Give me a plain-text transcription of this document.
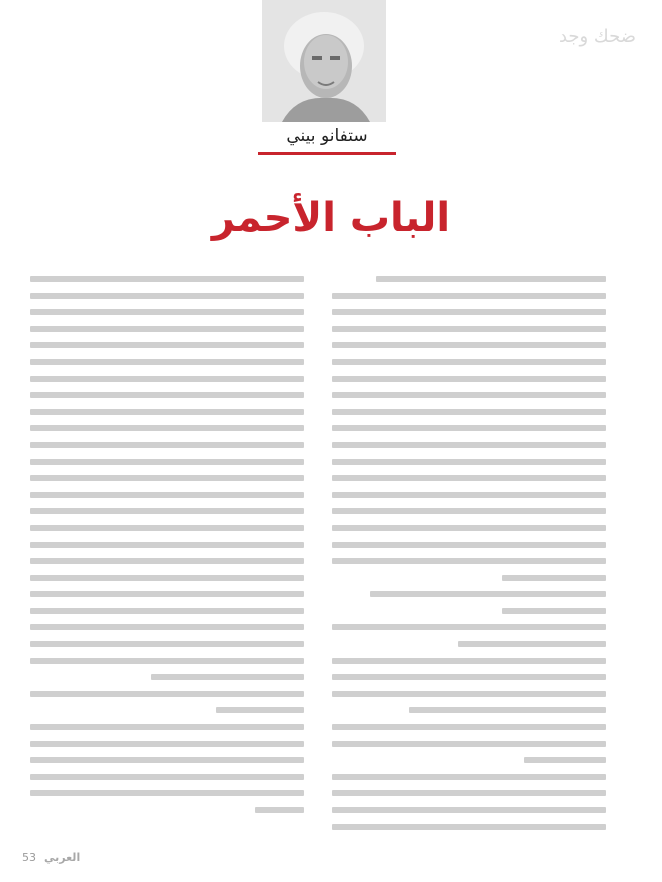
ضحك وجد
ستفانو بيني
الباب الأحمر
53 العربي
